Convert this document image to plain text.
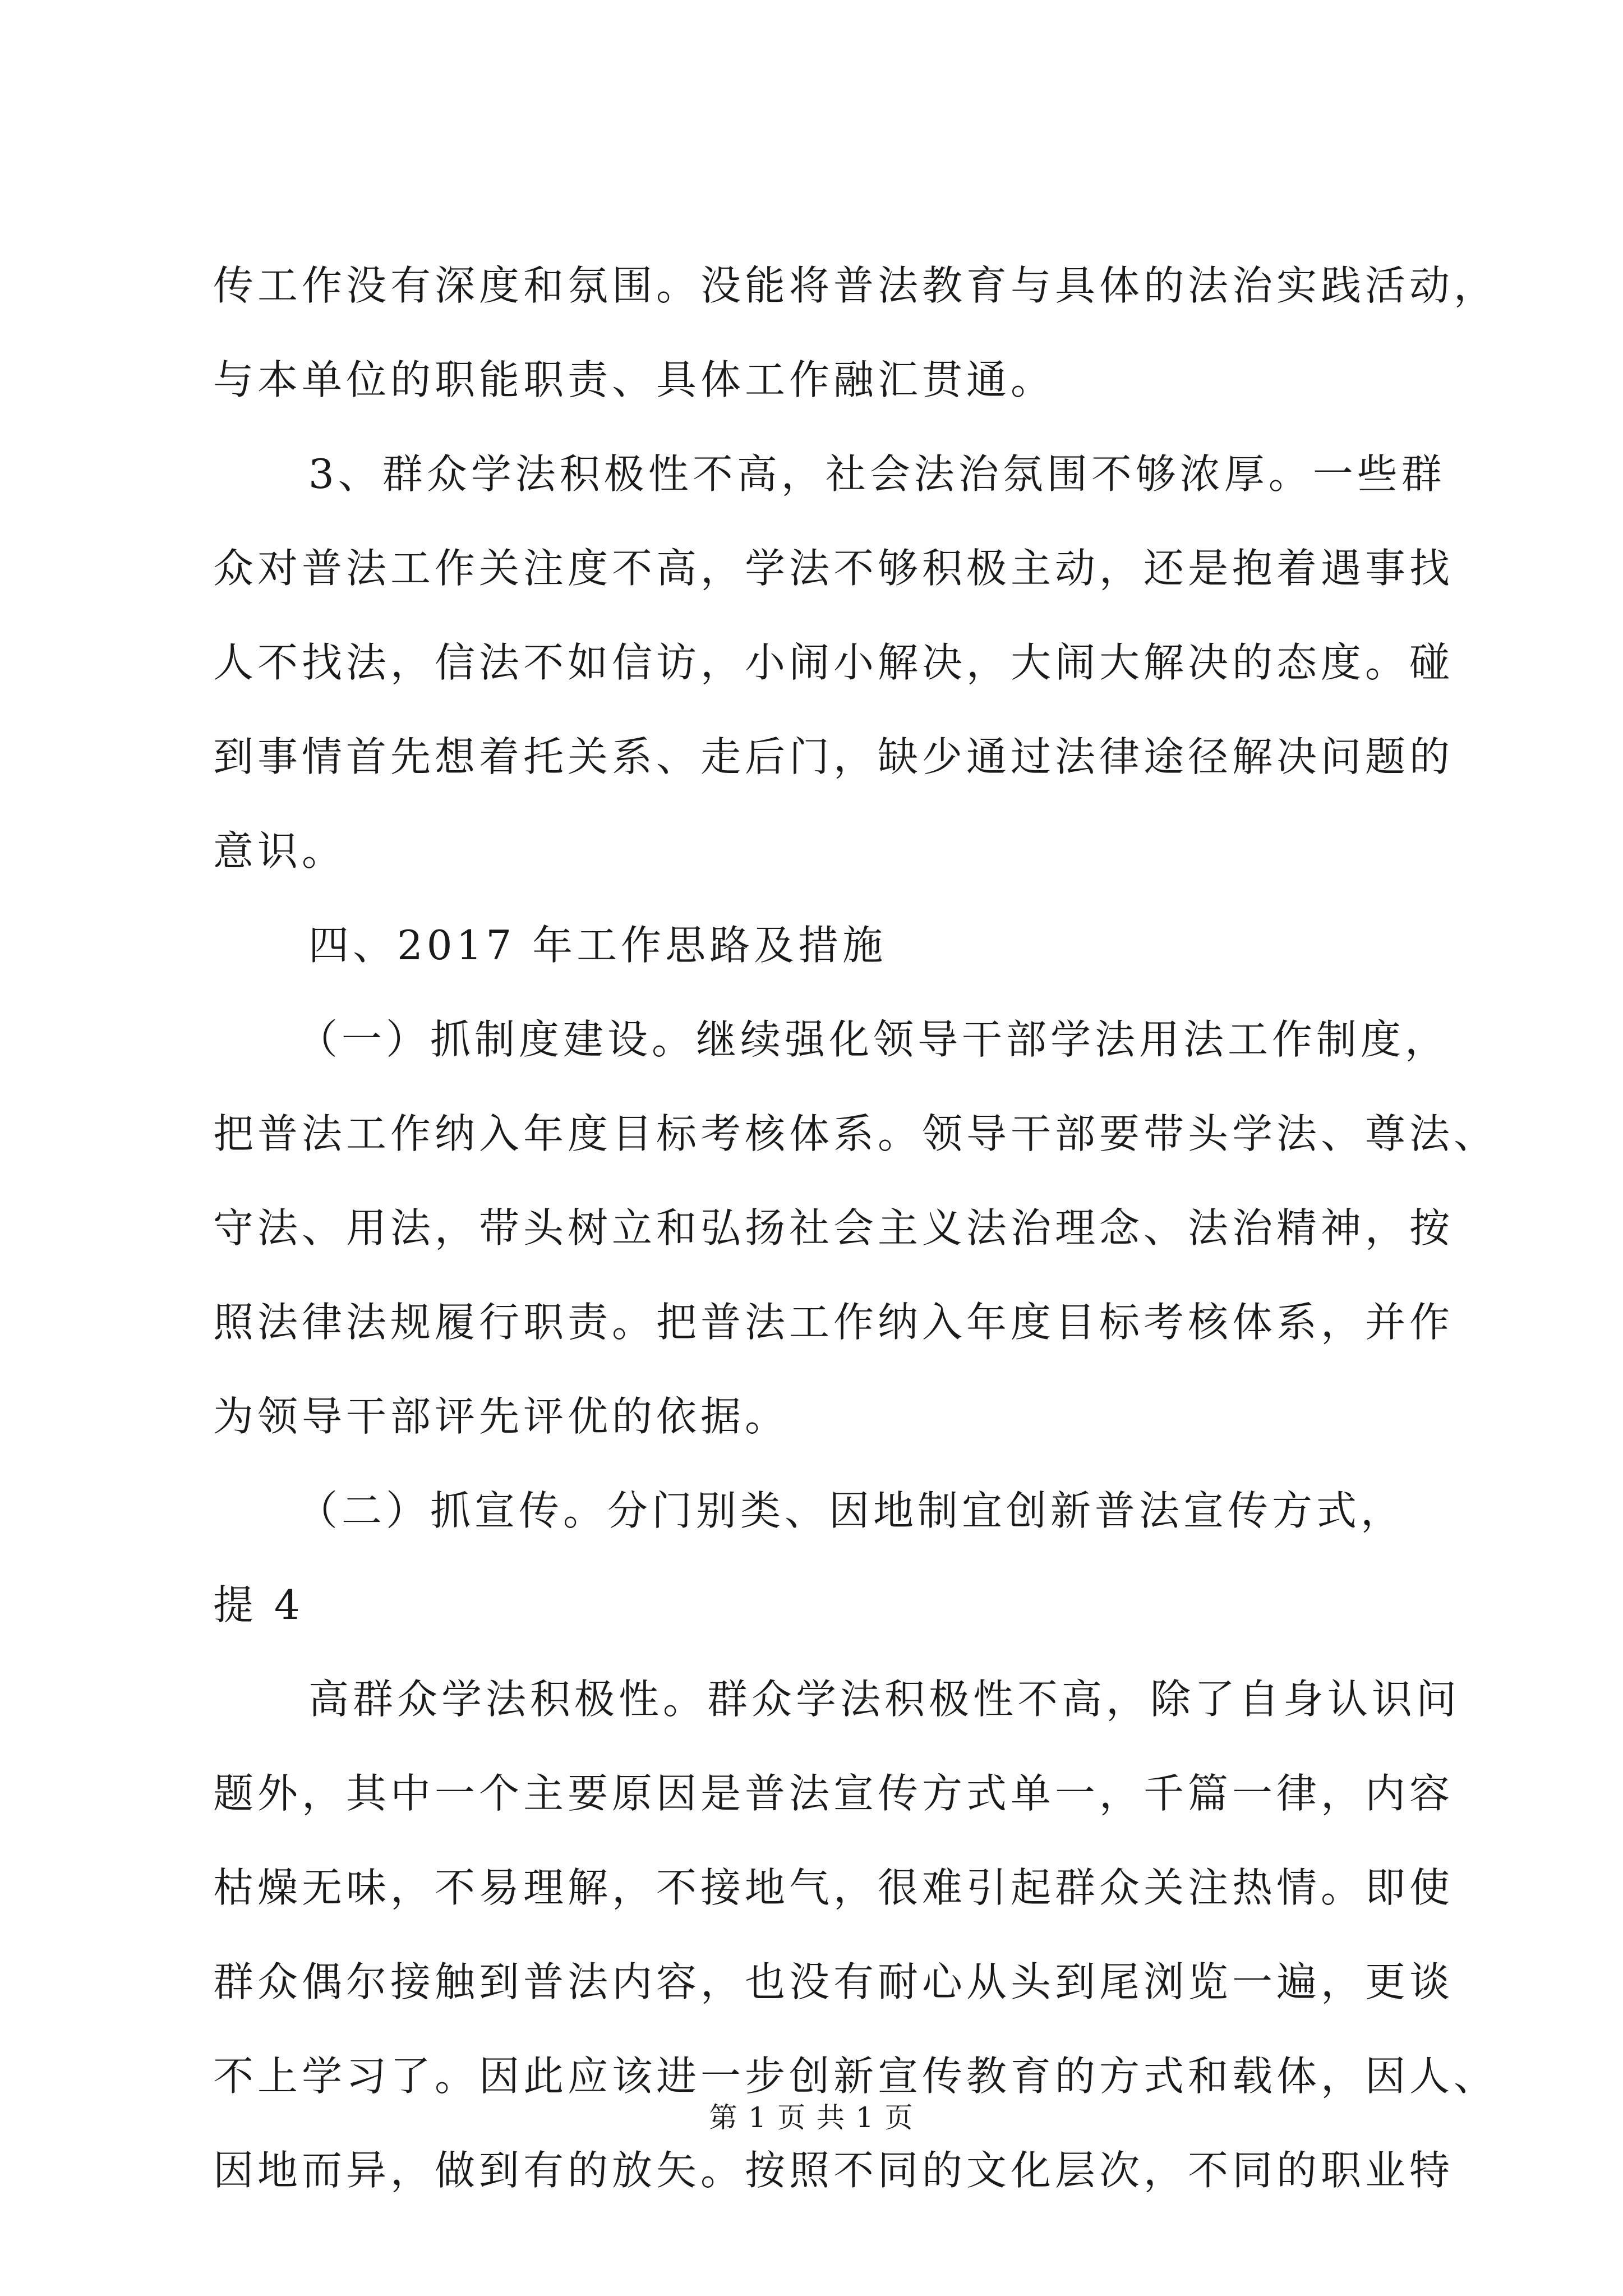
传工作没有深度和氛围。没能将普法教育与具体的法治实践活动，
与本单位的职能职责、具体工作融汇贯通。
3、群众学法积极性不高，社会法治氛围不够浓厚。一些群
众对普法工作关注度不高，学法不够积极主动，还是抱着遇事找
人不找法，信法不如信访，小闹小解决，大闹大解决的态度。碰
到事情首先想着托关系、走后门，缺少通过法律途径解决问题的
意识。
四、2017 年工作思路及措施
（一）抓制度建设。继续强化领导干部学法用法工作制度，
把普法工作纳入年度目标考核体系。领导干部要带头学法、尊法、
守法、用法，带头树立和弘扬社会主义法治理念、法治精神，按
照法律法规履行职责。把普法工作纳入年度目标考核体系，并作
为领导干部评先评优的依据。
（二）抓宣传。分门别类、因地制宜创新普法宣传方式，
提 4
高群众学法积极性。群众学法积极性不高，除了自身认识问
题外，其中一个主要原因是普法宣传方式单一，千篇一律，内容
枯燥无味，不易理解，不接地气，很难引起群众关注热情。即使
群众偶尔接触到普法内容，也没有耐心从头到尾浏览一遍，更谈
不上学习了。因此应该进一步创新宣传教育的方式和载体，因人、
因地而异，做到有的放矢。按照不同的文化层次，不同的职业特
第 1 页 共 1 页
